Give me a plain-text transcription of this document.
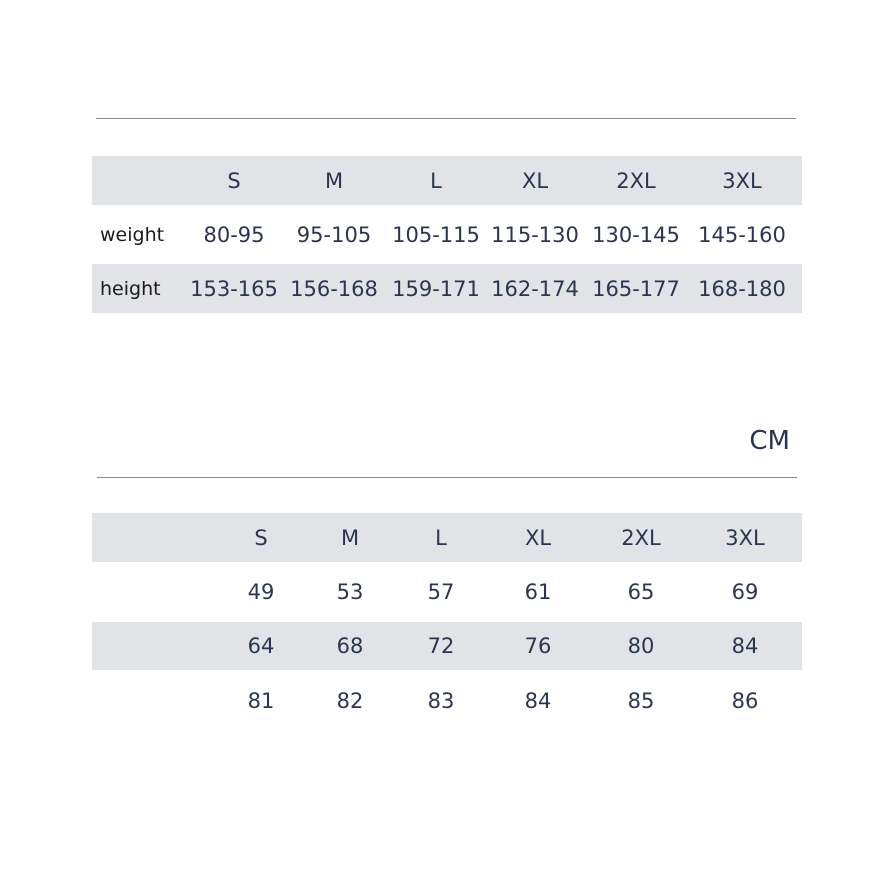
S	M	L	XL	2XL	3XL
weight	80-95	95-105 105-115 115-130 130-145 145-160
height 153-165 156-168 159-171 162-174 165-177 168-180
CM
S	M	L	XL	2XL	3XL
49	53	57	61	65	69
64	68	72	76	80	84
81	82	83	84	85	86
